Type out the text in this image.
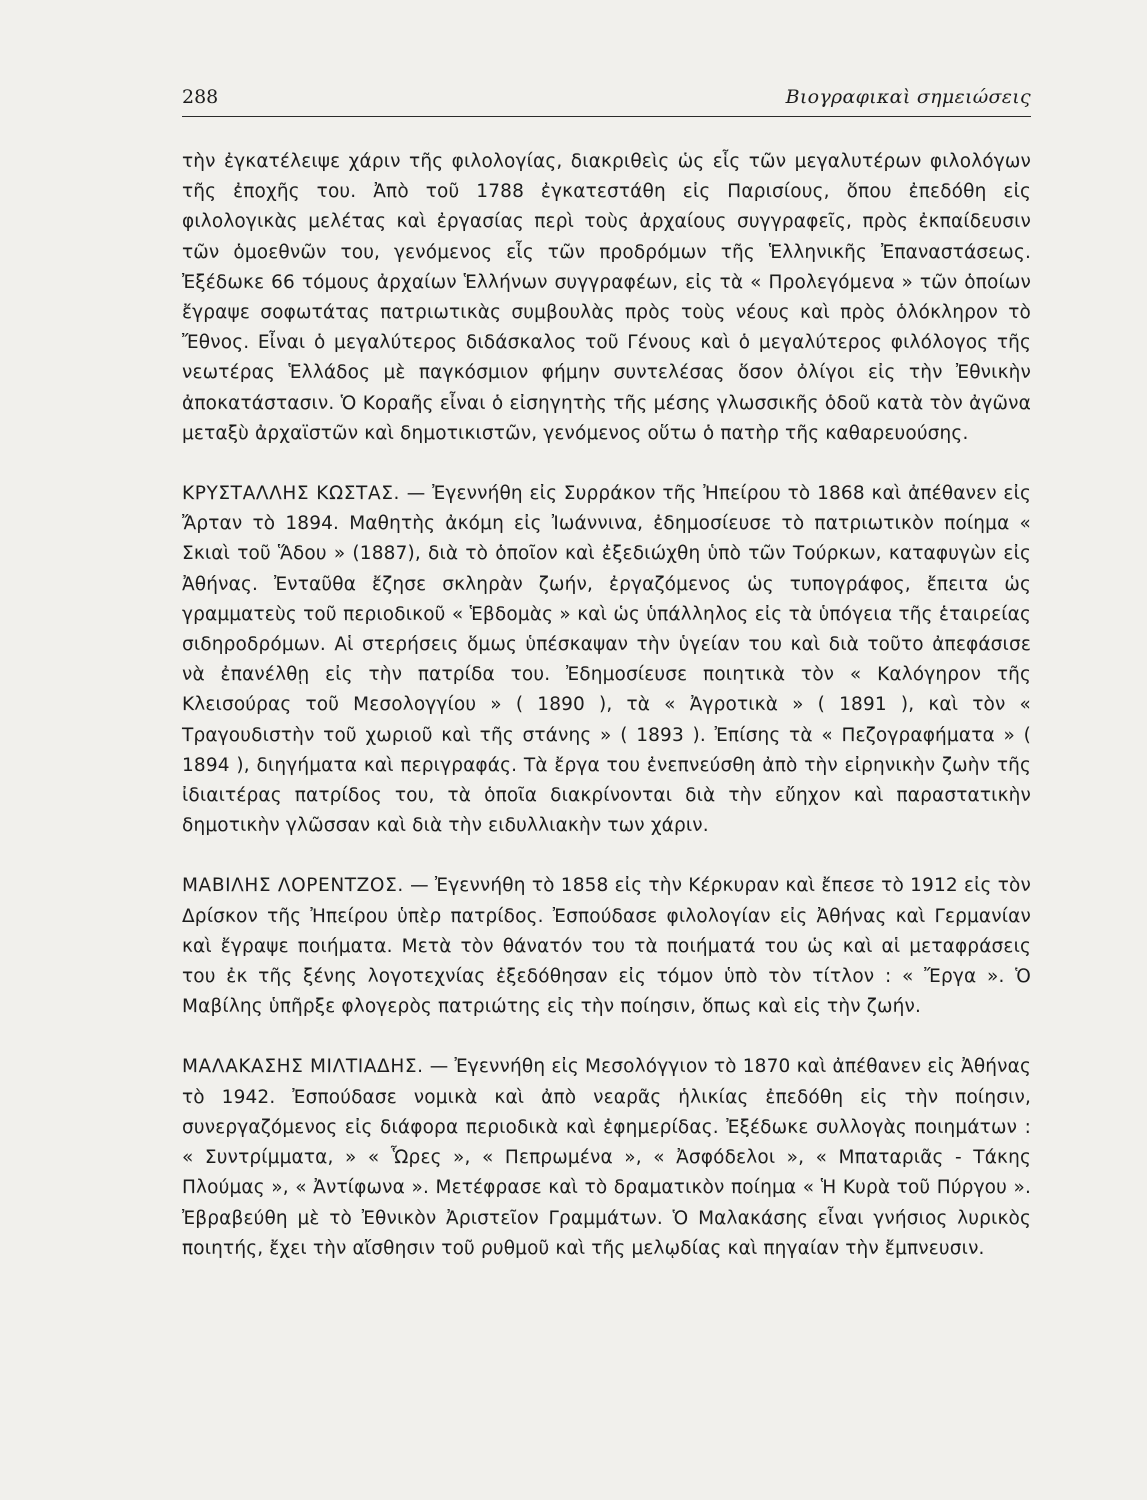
288	Βιογραφικαὶ σημειώσεις

τὴν ἐγκατέλειψε χάριν τῆς φιλολογίας, διακριθεὶς ὡς εἷς τῶν μεγαλυτέρων φιλολόγων τῆς ἐποχῆς του. Ἀπὸ τοῦ 1788 ἐγκατεστάθη εἰς Παρισίους, ὅπου ἐπεδόθη εἰς φιλολογικὰς μελέτας καὶ ἐργασίας περὶ τοὺς ἀρχαίους συγγραφεῖς, πρὸς ἐκπαίδευσιν τῶν ὁμοεθνῶν του, γενόμενος εἷς τῶν προδρόμων τῆς Ἑλληνικῆς Ἐπαναστάσεως. Ἐξέδωκε 66 τόμους ἀρχαίων Ἑλλήνων συγγραφέων, εἰς τὰ « Προλεγόμενα » τῶν ὁποίων ἔγραψε σοφωτάτας πατριωτικὰς συμβουλὰς πρὸς τοὺς νέους καὶ πρὸς ὁλόκληρον τὸ Ἔθνος. Εἶναι ὁ μεγαλύτερος διδάσκαλος τοῦ Γένους καὶ ὁ μεγαλύτερος φιλόλογος τῆς νεωτέρας Ἑλλάδος μὲ παγκόσμιον φήμην συντελέσας ὅσον ὀλίγοι εἰς τὴν Ἐθνικὴν ἀποκατάστασιν. Ὁ Κοραῆς εἶναι ὁ εἰσηγητὴς τῆς μέσης γλωσσικῆς ὁδοῦ κατὰ τὸν ἀγῶνα μεταξὺ ἀρχαϊστῶν καὶ δημοτικιστῶν, γενόμενος οὕτω ὁ πατὴρ τῆς καθαρευούσης.

ΚΡΥΣΤΑΛΛΗΣ ΚΩΣΤΑΣ. — Ἐγεννήθη εἰς Συρράκον τῆς Ἠπείρου τὸ 1868 καὶ ἀπέθανεν εἰς Ἄρταν τὸ 1894. Μαθητὴς ἀκόμη εἰς Ἰωάννινα, ἐδημοσίευσε τὸ πατριωτικὸν ποίημα « Σκιαὶ τοῦ Ἅδου » (1887), διὰ τὸ ὁποῖον καὶ ἐξεδιώχθη ὑπὸ τῶν Τούρκων, καταφυγὼν εἰς Ἀθήνας. Ἐνταῦθα ἔζησε σκληρὰν ζωήν, ἐργαζόμενος ὡς τυπογράφος, ἔπειτα ὡς γραμματεὺς τοῦ περιοδικοῦ « Ἑβδομὰς » καὶ ὡς ὑπάλληλος εἰς τὰ ὑπόγεια τῆς ἑταιρείας σιδηροδρόμων. Αἱ στερήσεις ὅμως ὑπέσκαψαν τὴν ὑγείαν του καὶ διὰ τοῦτο ἀπεφάσισε νὰ ἐπανέλθῃ εἰς τὴν πατρίδα του. Ἐδημοσίευσε ποιητικὰ τὸν « Καλόγηρον τῆς Κλεισούρας τοῦ Μεσολογγίου » ( 1890 ), τὰ « Ἀγροτικὰ » ( 1891 ), καὶ τὸν « Τραγουδιστὴν τοῦ χωριοῦ καὶ τῆς στάνης » ( 1893 ). Ἐπίσης τὰ « Πεζογραφήματα » ( 1894 ), διηγήματα καὶ περιγραφάς. Τὰ ἔργα του ἐνεπνεύσθη ἀπὸ τὴν εἰρηνικὴν ζωὴν τῆς ἰδιαιτέρας πατρίδος του, τὰ ὁποῖα διακρίνονται διὰ τὴν εὔηχον καὶ παραστατικὴν δημοτικὴν γλῶσσαν καὶ διὰ τὴν ειδυλλιακὴν των χάριν.

ΜΑΒΙΛΗΣ ΛΟΡΕΝΤΖΟΣ. — Ἐγεννήθη τὸ 1858 εἰς τὴν Κέρκυραν καὶ ἔπεσε τὸ 1912 εἰς τὸν Δρίσκον τῆς Ἠπείρου ὑπὲρ πατρίδος. Ἐσπούδασε φιλολογίαν εἰς Ἀθήνας καὶ Γερμανίαν καὶ ἔγραψε ποιήματα. Μετὰ τὸν θάνατόν του τὰ ποιήματά του ὡς καὶ αἱ μεταφράσεις του ἐκ τῆς ξένης λογοτεχνίας ἐξεδόθησαν εἰς τόμον ὑπὸ τὸν τίτλον : « Ἔργα ». Ὁ Μαβίλης ὑπῆρξε φλογερὸς πατριώτης εἰς τὴν ποίησιν, ὅπως καὶ εἰς τὴν ζωήν.

ΜΑΛΑΚΑΣΗΣ ΜΙΛΤΙΑΔΗΣ. — Ἐγεννήθη εἰς Μεσολόγγιον τὸ 1870 καὶ ἀπέθανεν εἰς Ἀθήνας τὸ 1942. Ἐσπούδασε νομικὰ καὶ ἀπὸ νεαρᾶς ἡλικίας ἐπεδόθη εἰς τὴν ποίησιν, συνεργαζόμενος εἰς διάφορα περιοδικὰ καὶ ἐφημερίδας. Ἐξέδωκε συλλογὰς ποιημάτων : « Συντρίμματα, » « Ὧρες », « Πεπρωμένα », « Ἀσφόδελοι », « Μπαταριᾶς - Τάκης Πλούμας », « Ἀντίφωνα ». Μετέφρασε καὶ τὸ δραματικὸν ποίημα « Ἡ Κυρὰ τοῦ Πύργου ». Ἐβραβεύθη μὲ τὸ Ἐθνικὸν Ἀριστεῖον Γραμμάτων. Ὁ Μαλακάσης εἶναι γνήσιος λυρικὸς ποιητής, ἔχει τὴν αἴσθησιν τοῦ ρυθμοῦ καὶ τῆς μελῳδίας καὶ πηγαίαν τὴν ἔμπνευσιν.
